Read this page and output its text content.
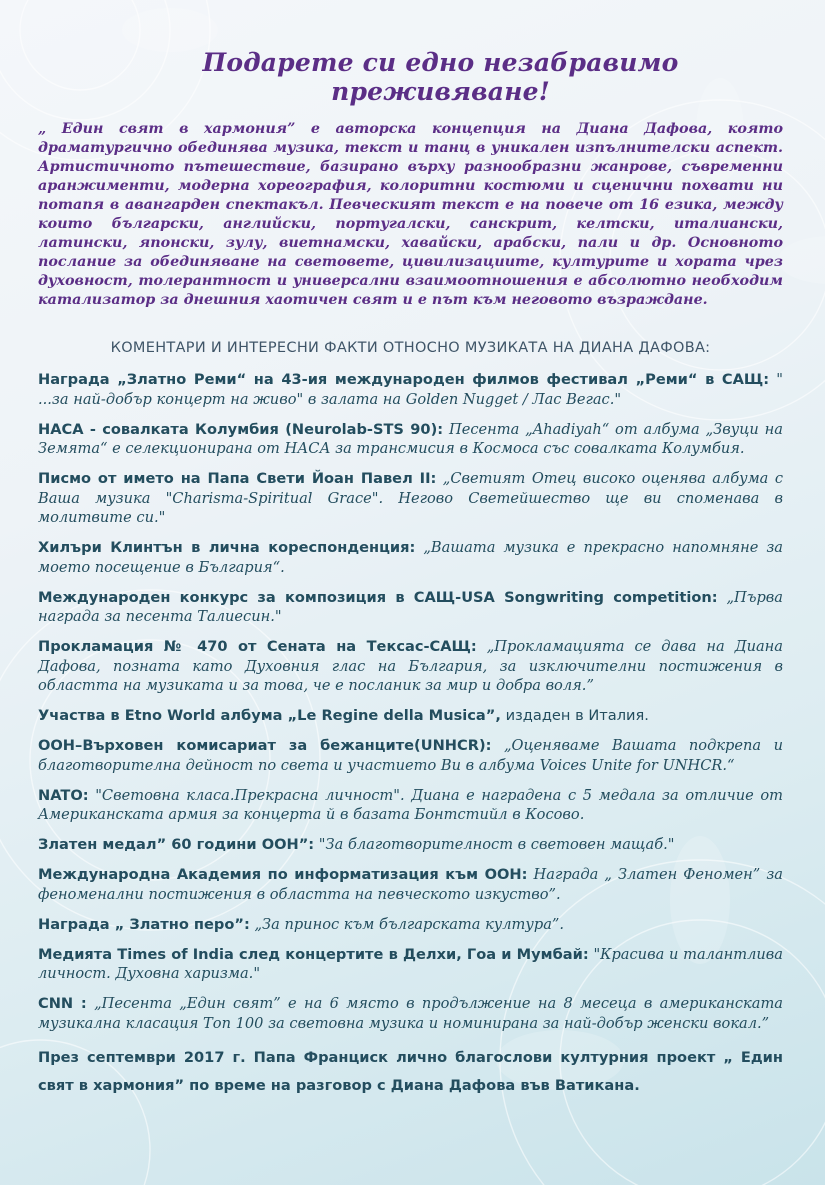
Подарете си едно незабравимо преживяване!
„ Един свят в хармония” е авторска концепция на Диана Дафова, която драматургично обединява музика, текст и танц в уникален изпълнителски аспект. Артистичното пътешествие, базирано върху разнообразни жанрове, съвременни аранжименти, модерна хореография, колоритни костюми и сценични похвати ни потапя в авангарден спектакъл. Певческият текст е на повече от 16 езика, между които български, английски, португалски, санскрит, келтски, италиански, латински, японски, зулу, виетнамски, хавайски, арабски, пали и др. Основното послание за обединяване на световете, цивилизациите, културите и хората чрез духовност, толерантност и универсални взаимоотношения е абсолютно необходим катализатор за днешния хаотичен свят и е път към неговото възраждане.
КОМЕНТАРИ И ИНТЕРЕСНИ ФАКТИ ОТНОСНО МУЗИКАТА НА ДИАНА ДАФОВА:
Награда „Златно Реми“ на 43-ия международен филмов фестивал „Реми“ в САЩ: " ...за най-добър концерт на живо" в залата на Golden Nugget / Лас Вегас."
НАСА - совалката Колумбия (Neurolab-STS 90): Песента „Ahadiyah“ от албума „Звуци на Земята“ е селекционирана от НАСА за трансмисия в Космоса със совалката Колумбия.
Писмо от името на Папа Свети Йоан Павел II: „Светият Отец високо оценява албума с Ваша музика "Charisma-Spiritual Grace". Негово Светейшество ще ви споменава в молитвите си."
Хилъри Клинтън в лична кореспонденция: „Вашата музика е прекрасно напомняне за моето посещение в България“.
Международен конкурс за композиция в САЩ-USA Songwriting competition: „Първа награда за песента Талиесин."
Прокламация № 470 от Сената на Тексас-САЩ: „Прокламацията се дава на Диана Дафова, позната като Духовния глас на България, за изключителни постижения в областта на музиката и за това, че е посланик за мир и добра воля.”
Участва в Etno World албума „Le Regine della Musica”, издаден в Италия.
ООН–Върховен комисариат за бежанците(UNHCR): „Оценяваме Вашата подкрепа и благотворителна дейност по света и участието Ви в албума Voices Unite for UNHCR.“
NATO: "Световна класа.Прекрасна личност". Диана е наградена с 5 медала за отличие от Американската армия за концерта й в базата Бонтстийл в Косово.
Златен медал” 60 години ООН”: "За благотворителност в световен мащаб."
Международна Академия по информатизация към ООН: Награда „ Златен Феномен” за феноменални постижения в областта на певческото изкуство”.
Награда „ Златно перо”: „За принос към българската култура”.
Медията Times of India след концертите в Делхи, Гоа и Мумбай: "Красива и талантлива личност. Духовна харизма."
CNN : „Песента „Един свят” е на 6 място в продължение на 8 месеца в американската музикална класация Топ 100 за световна музика и номинирана за най-добър женски вокал.”
През септември 2017 г. Папа Франциск лично благослови културния проект „ Един свят в хармония” по време на разговор с Диана Дафова във Ватикана.
